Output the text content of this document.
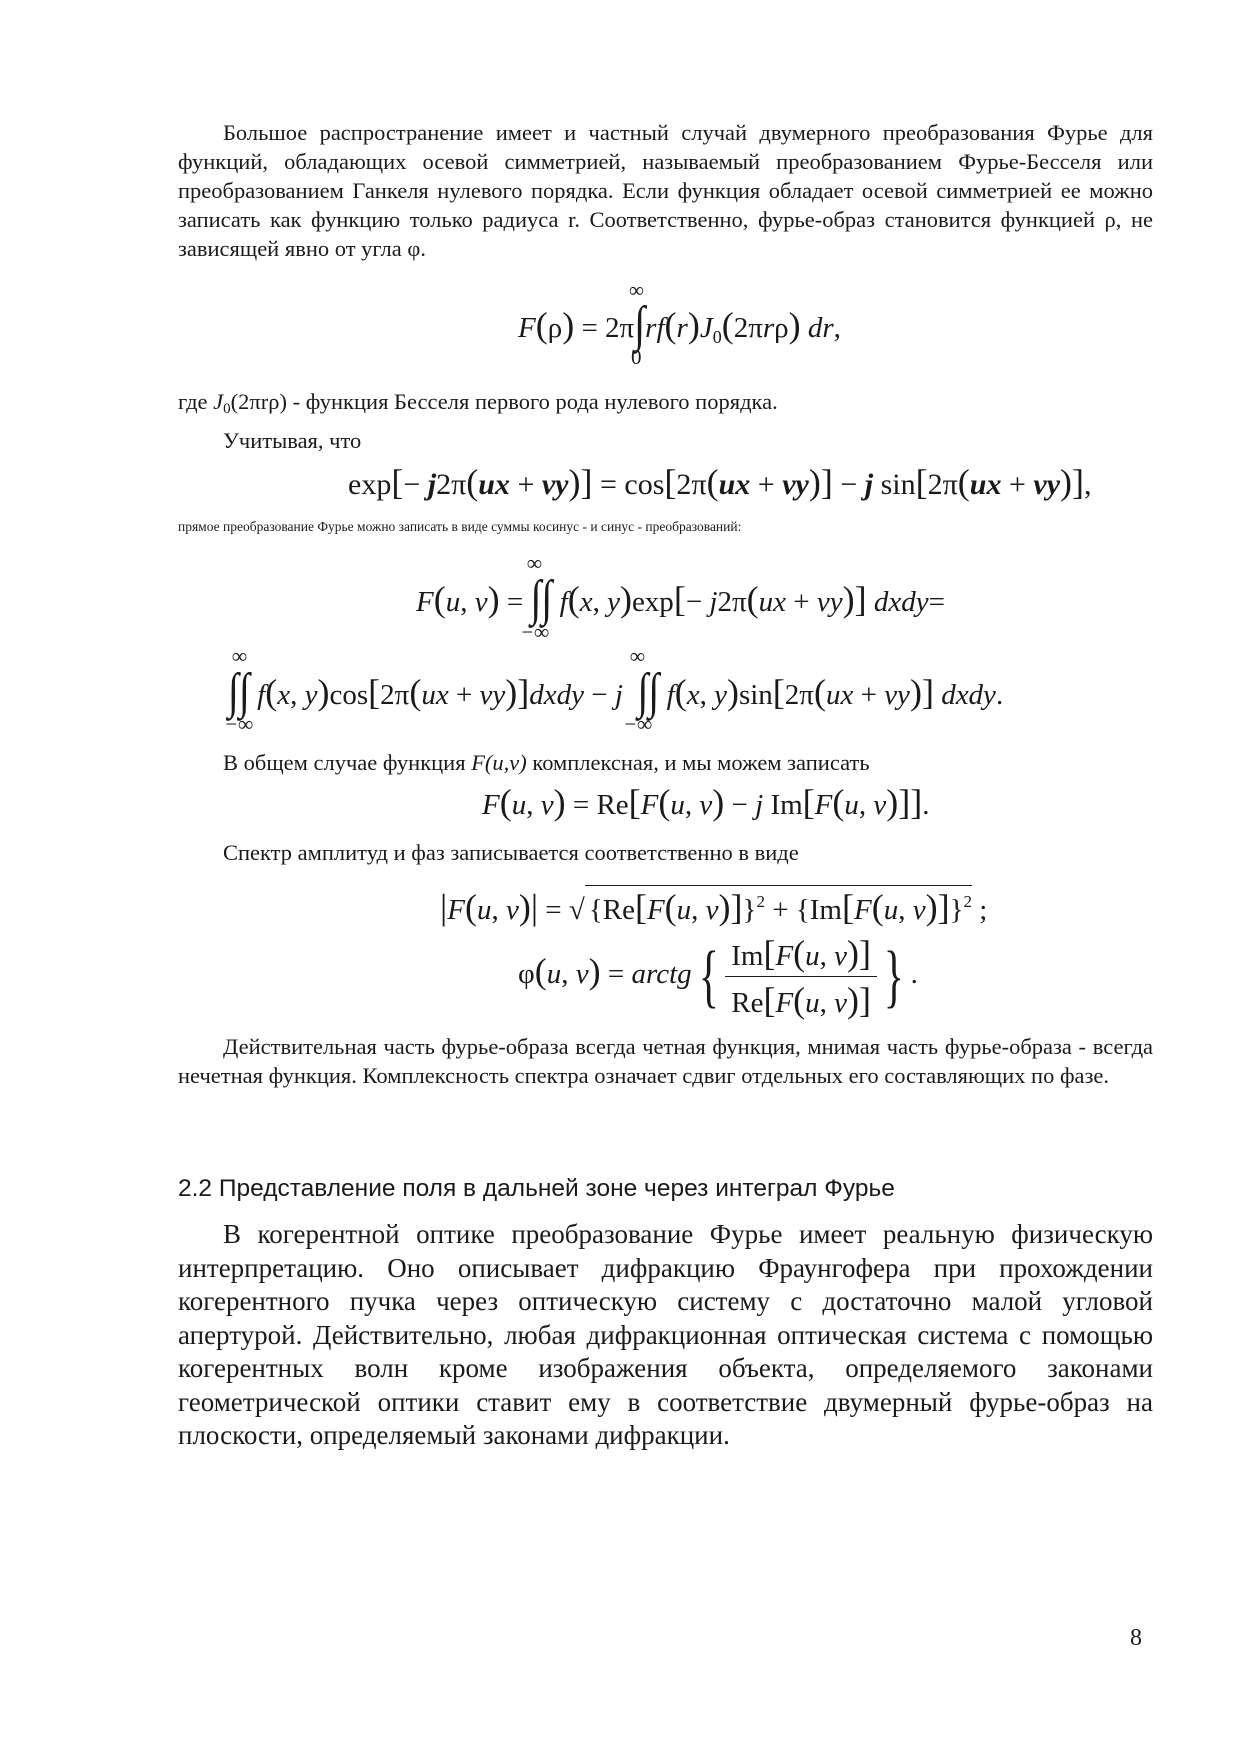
Большое распространение имеет и частный случай двумерного преобразования Фурье для функций, обладающих осевой симметрией, называемый преобразованием Фурье-Бесселя или преобразованием Ганкеля нулевого порядка. Если функция обладает осевой симметрией ее можно записать как функцию только радиуса r. Соответственно, фурье-образ становится функцией ρ, не зависящей явно от угла φ.

$F(\rho) = 2\pi\int rf(r)J_0(2\pi r\rho)$ dr,
∞
0

где $J_0(2\pi r\rho)$ - функция Бесселя первого рода нулевого порядка.

Учитывая, что

exp[− j2π(ux + vy)] = cos[2π(ux + vy)] − j sin[2π(ux + vy)],

прямое преобразование Фурье можно записать в виде суммы косинус - и синус - преобразований:

F(u, v) = ∫∫ f(x, y)exp[− j2π(ux + vy)] dxdy=
∞
−∞
∫∫ f(x, y)cos[2π(ux + vy)]dxdy − j ∫∫ f(x, y)sin[2π(ux + vy)] dxdy.
∞
−∞
∞
−∞

В общем случае функция F(u,v) комплексная, и мы можем записать

F(u, v) = Re[F(u, v) − j Im[F(u, v)]].

Спектр амплитуд и фаз записывается соответственно в виде

|F(u, v)| = √ {Re[F(u, v)]}$^2$ + {Im[F(u, v)]}$^2$ ;
φ(u, v) = arctg{ $\frac{Im[F(u, v)]}{Re[F(u, v)]}$ } .

Действительная часть фурье-образа всегда четная функция, мнимая часть фурье-образа - всегда нечетная функция. Комплексность спектра означает сдвиг отдельных его составляющих по фазе.

2.2 Представление поля в дальней зоне через интеграл Фурье

В когерентной оптике преобразование Фурье имеет реальную физическую интерпретацию. Оно описывает дифракцию Фраунгофера при прохождении когерентного пучка через оптическую систему с достаточно малой угловой апертурой. Действительно, любая дифракционная оптическая система с помощью когерентных волн кроме изображения объекта, определяемого законами геометрической оптики ставит ему в соответствие двумерный фурье-образ на плоскости, определяемый законами дифракции.

8
